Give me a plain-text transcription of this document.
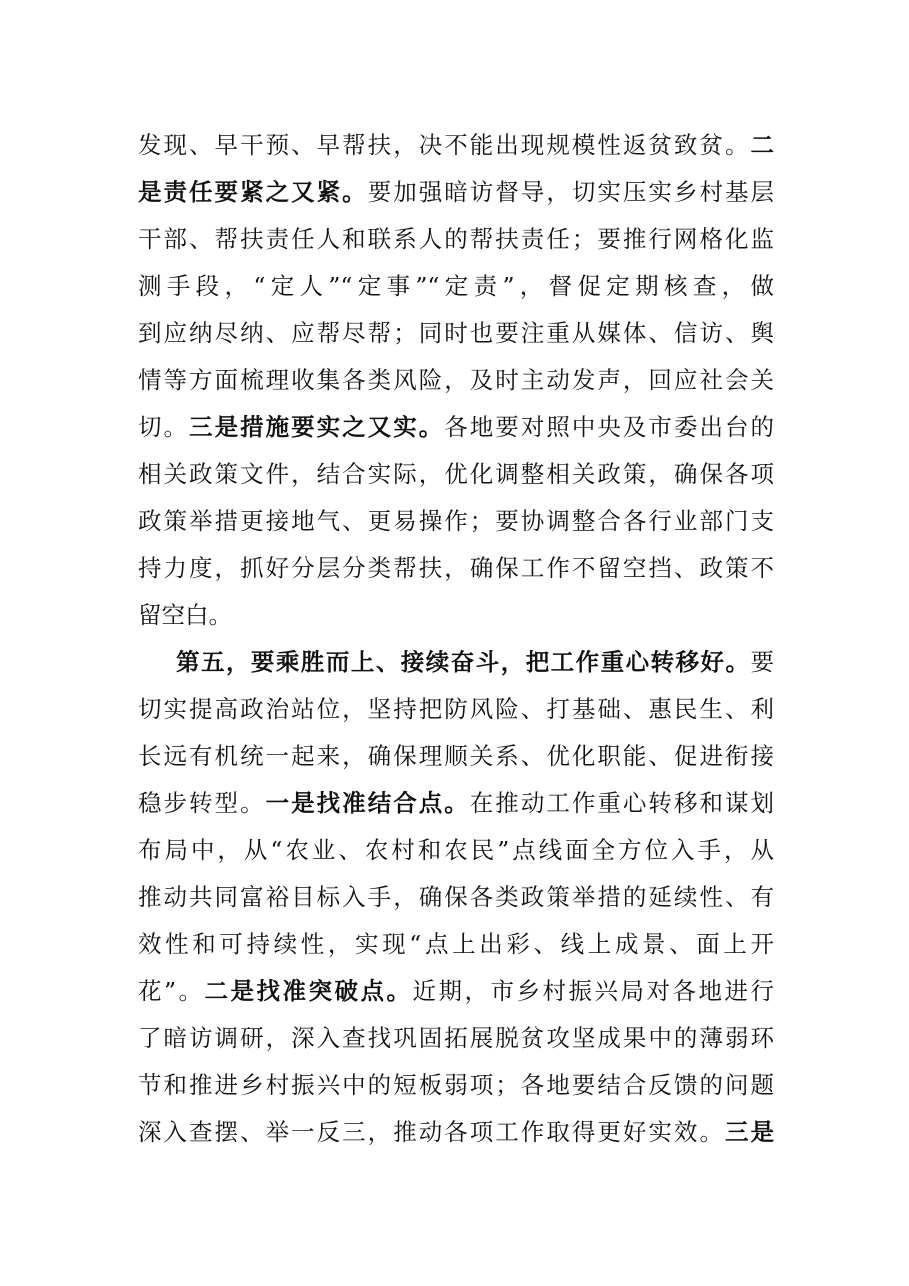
发现、早干预、早帮扶，决不能出现规模性返贫致贫。二
是责任要紧之又紧。要加强暗访督导，切实压实乡村基层
干部、帮扶责任人和联系人的帮扶责任；要推行网格化监
测手段，“定人”“定事”“定责”，督促定期核查，做
到应纳尽纳、应帮尽帮；同时也要注重从媒体、信访、舆
情等方面梳理收集各类风险，及时主动发声，回应社会关
切。三是措施要实之又实。各地要对照中央及市委出台的
相关政策文件，结合实际，优化调整相关政策，确保各项
政策举措更接地气、更易操作；要协调整合各行业部门支
持力度，抓好分层分类帮扶，确保工作不留空挡、政策不
留空白。
第五，要乘胜而上、接续奋斗，把工作重心转移好。要
切实提高政治站位，坚持把防风险、打基础、惠民生、利
长远有机统一起来，确保理顺关系、优化职能、促进衔接
稳步转型。一是找准结合点。在推动工作重心转移和谋划
布局中，从“农业、农村和农民”点线面全方位入手，从
推动共同富裕目标入手，确保各类政策举措的延续性、有
效性和可持续性，实现“点上出彩、线上成景、面上开
花”。二是找准突破点。近期，市乡村振兴局对各地进行
了暗访调研，深入查找巩固拓展脱贫攻坚成果中的薄弱环
节和推进乡村振兴中的短板弱项；各地要结合反馈的问题
深入查摆、举一反三，推动各项工作取得更好实效。三是
